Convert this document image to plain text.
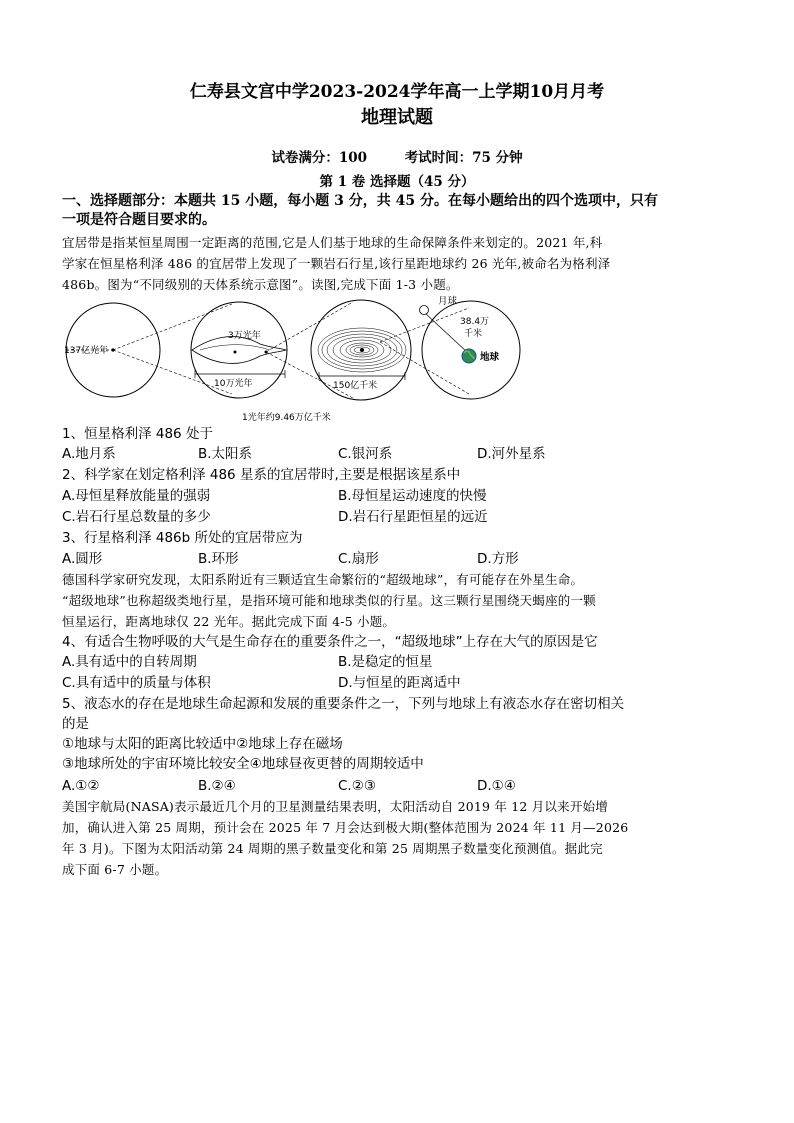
仁寿县文宫中学2023-2024学年高一上学期10月月考
地理试题
试卷满分：100	考试时间：75 分钟
第 1 卷 选择题（45 分）
一、选择题部分：本题共 15 小题，每小题 3 分，共 45 分。在每小题给出的四个选项中，只有
一项是符合题目要求的。
宜居带是指某恒星周围一定距离的范围,它是人们基于地球的生命保障条件来划定的。2021 年,科
学家在恒星格利泽 486 的宜居带上发现了一颗岩石行星,该行星距地球约 26 光年,被命名为格利泽
486b。图为“不同级别的天体系统示意图”。读图,完成下面 1-3 小题。
137亿光年
3万光年
10万光年	150亿千米
月球
38.4万
千米
地球
1光年约9.46万亿千米
1、恒星格利泽 486 处于
A.地月系	B.太阳系	C.银河系	D.河外星系
2、科学家在划定格利泽 486 星系的宜居带时,主要是根据该星系中
A.母恒星释放能量的强弱	B.母恒星运动速度的快慢
C.岩石行星总数量的多少	D.岩石行星距恒星的远近
3、行星格利泽 486b 所处的宜居带应为
A.圆形	B.环形	C.扇形	D.方形
德国科学家研究发现，太阳系附近有三颗适宜生命繁衍的“超级地球”，有可能存在外星生命。
“超级地球”也称超级类地行星，是指环境可能和地球类似的行星。这三颗行星围绕天蝎座的一颗
恒星运行，距离地球仅 22 光年。据此完成下面 4-5 小题。
4、有适合生物呼吸的大气是生命存在的重要条件之一，“超级地球”上存在大气的原因是它
A.具有适中的自转周期	B.是稳定的恒星
C.具有适中的质量与体积	D.与恒星的距离适中
5、液态水的存在是地球生命起源和发展的重要条件之一，下列与地球上有液态水存在密切相关
的是
①地球与太阳的距离比较适中②地球上存在磁场
③地球所处的宇宙环境比较安全④地球昼夜更替的周期较适中
A.①②	B.②④	C.②③	D.①④
美国宇航局(NASA)表示最近几个月的卫星测量结果表明，太阳活动自 2019 年 12 月以来开始增
加，确认进入第 25 周期，预计会在 2025 年 7 月会达到极大期(整体范围为 2024 年 11 月—2026
年 3 月)。下图为太阳活动第 24 周期的黑子数量变化和第 25 周期黑子数量变化预测值。据此完
成下面 6-7 小题。
